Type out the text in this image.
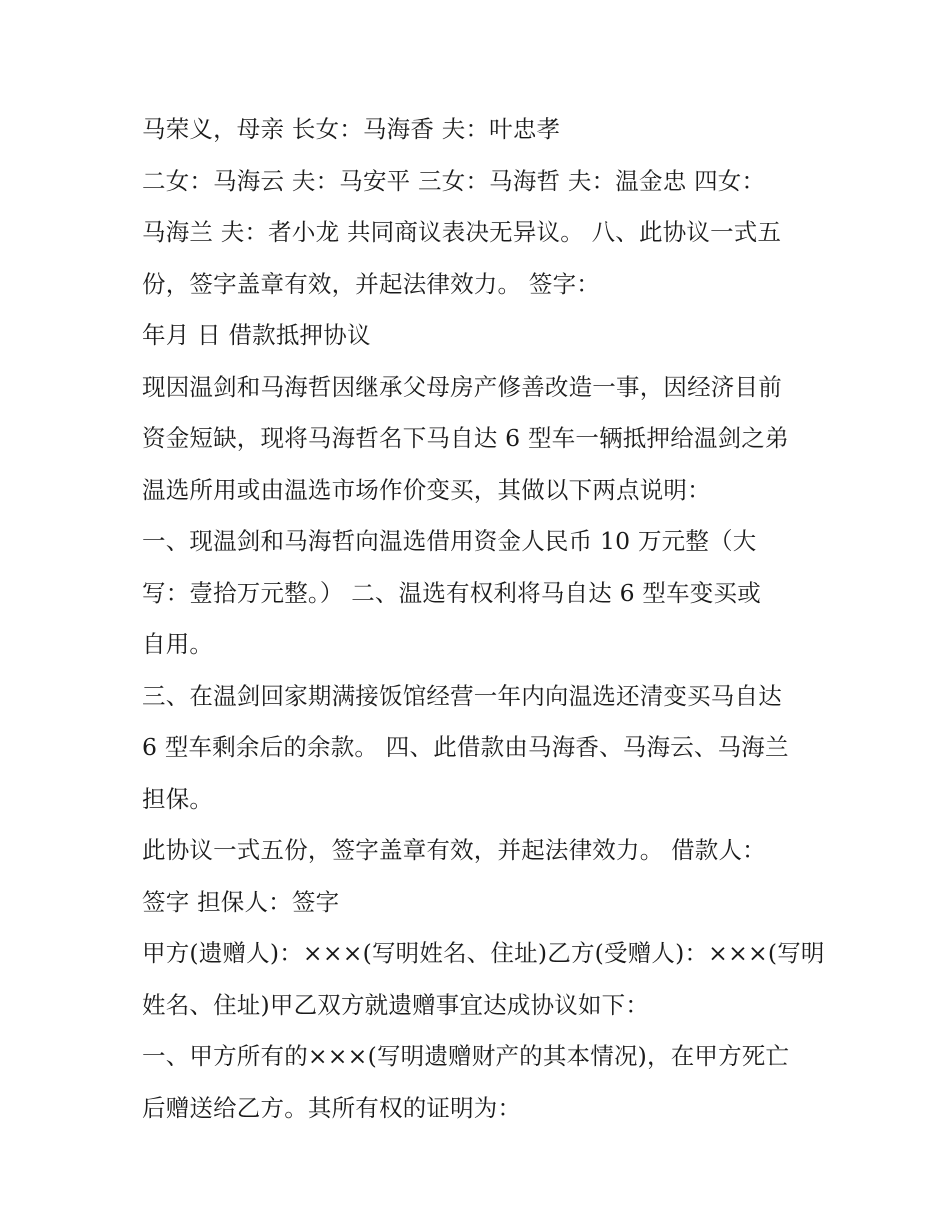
马荣义，母亲 长女：马海香 夫：叶忠孝
二女：马海云 夫：马安平 三女：马海哲 夫：温金忠 四女：
马海兰 夫：者小龙 共同商议表决无异议。 八、此协议一式五
份，签字盖章有效，并起法律效力。 签字：
年月 日 借款抵押协议
现因温剑和马海哲因继承父母房产修善改造一事，因经济目前
资金短缺，现将马海哲名下马自达 6 型车一辆抵押给温剑之弟
温选所用或由温选市场作价变买，其做以下两点说明：
一、现温剑和马海哲向温选借用资金人民币 10 万元整（大
写：壹拾万元整。） 二、温选有权利将马自达 6 型车变买或
自用。
三、在温剑回家期满接饭馆经营一年内向温选还清变买马自达
6 型车剩余后的余款。 四、此借款由马海香、马海云、马海兰
担保。
此协议一式五份，签字盖章有效，并起法律效力。 借款人：
签字 担保人：签字
甲方(遗赠人)：×××(写明姓名、住址)乙方(受赠人)：×××(写明
姓名、住址)甲乙双方就遗赠事宜达成协议如下：
一、甲方所有的×××(写明遗赠财产的其本情况)，在甲方死亡
后赠送给乙方。其所有权的证明为：
